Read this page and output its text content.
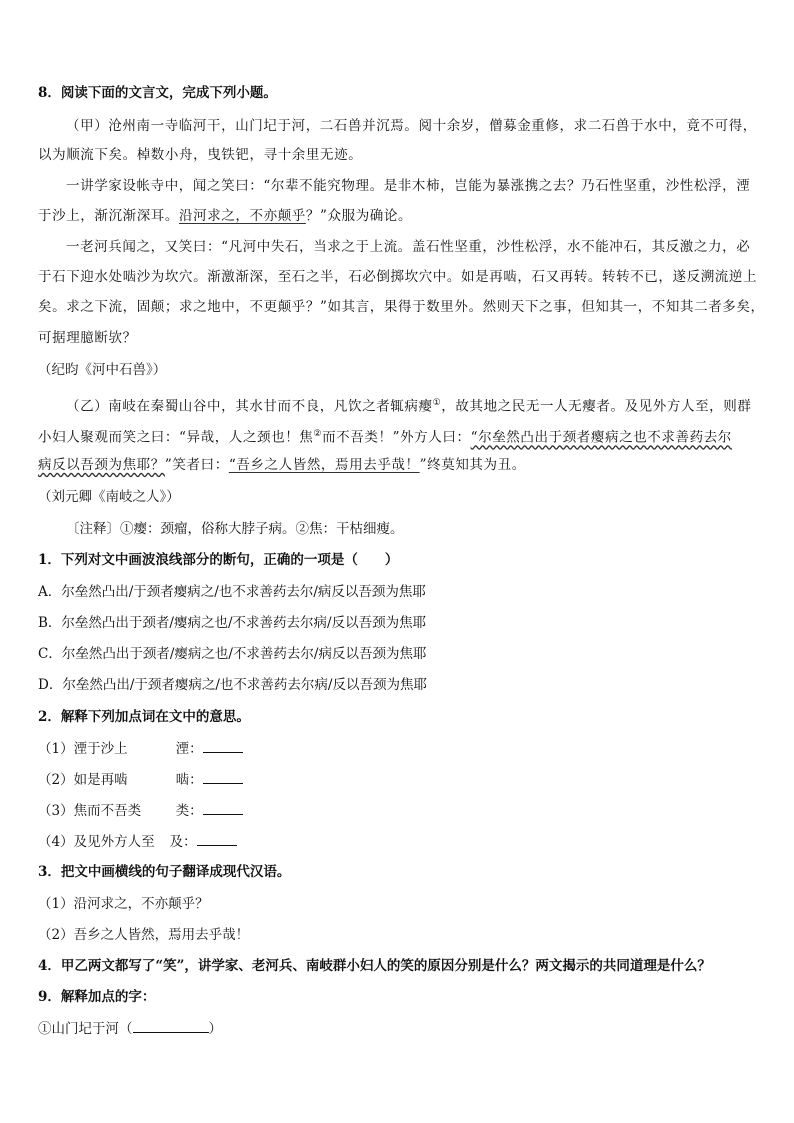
8．阅读下面的文言文，完成下列小题。
（甲）沧州南一寺临河干，山门圮于河，二石兽并沉焉。阅十余岁，僧募金重修，求二石兽于水中，竟不可得，
以为顺流下矣。棹数小舟，曳铁钯，寻十余里无迹。
一讲学家设帐寺中，闻之笑曰：“尔辈不能究物理。是非木柿，岂能为暴涨携之去？乃石性坚重，沙性松浮，湮
于沙上，渐沉渐深耳。沿河求之，不亦颠乎？”众服为确论。
一老河兵闻之，又笑曰：“凡河中失石，当求之于上流。盖石性坚重，沙性松浮，水不能冲石，其反激之力，必
于石下迎水处啮沙为坎穴。渐激渐深，至石之半，石必倒掷坎穴中。如是再啮，石又再转。转转不已，遂反溯流逆上
矣。求之下流，固颠；求之地中，不更颠乎？”如其言，果得于数里外。然则天下之事，但知其一，不知其二者多矣，
可据理臆断欤？
（纪昀《河中石兽》）
（乙）南岐在秦蜀山谷中，其水甘而不良，凡饮之者辄病瘿①，故其地之民无一人无瘿者。及见外方人至，则群
小妇人聚观而笑之曰：“异哉，人之颈也！焦②而不吾类！”外方人曰：“尔垒然凸出于颈者瘿病之也不求善药去尔
病反以吾颈为焦耶？”笑者曰：“吾乡之人皆然，焉用去乎哉！”终莫知其为丑。
（刘元卿《南岐之人》）
〔注释〕①瘿：颈瘤，俗称大脖子病。②焦：干枯细瘦。
1．下列对文中画波浪线部分的断句，正确的一项是（　　）
A．尔垒然凸出/于颈者瘿病之/也不求善药去尔/病反以吾颈为焦耶
B．尔垒然凸出于颈者/瘿病之也/不求善药去尔病/反以吾颈为焦耶
C．尔垒然凸出于颈者/瘿病之也/不求善药去尔/病反以吾颈为焦耶
D．尔垒然凸出/于颈者瘿病之/也不求善药去尔病/反以吾颈为焦耶
2．解释下列加点词在文中的意思。
（1）湮于沙上	湮：
（2）如是再啮	啮：
（3）焦而不吾类	类：
（4）及见外方人至 及：
3．把文中画横线的句子翻译成现代汉语。
（1）沿河求之，不亦颠乎？
（2）吾乡之人皆然，焉用去乎哉！
4．甲乙两文都写了“笑”，讲学家、老河兵、南岐群小妇人的笑的原因分别是什么？两文揭示的共同道理是什么？
9．解释加点的字：
①山门圮于河（	）
